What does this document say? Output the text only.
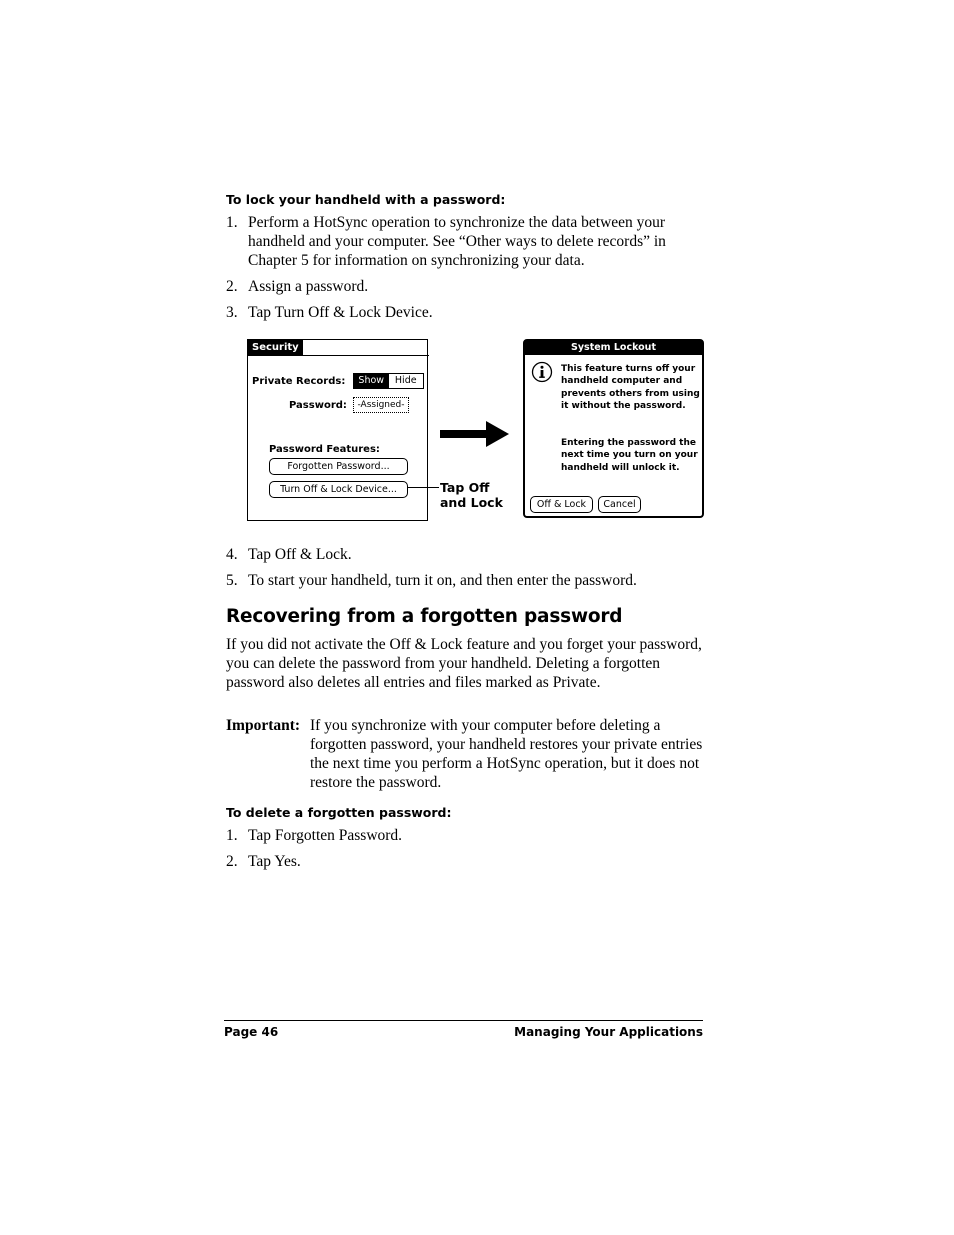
To lock your handheld with a password:
1. Perform a HotSync operation to synchronize the data between your handheld and your computer. See “Other ways to delete records” in Chapter 5 for information on synchronizing your data.
2. Assign a password.
3. Tap Turn Off & Lock Device.
Security
Private Records:	Show	Hide
Password:	-Assigned-
Password Features:
Forgotten Password...
Turn Off & Lock Device...	Tap Off and Lock
System Lockout
This feature turns off your handheld computer and prevents others from using it without the password.
Entering the password the next time you turn on your handheld will unlock it.
Off & Lock	Cancel
4. Tap Off & Lock.
5. To start your handheld, turn it on, and then enter the password.
Recovering from a forgotten password
If you did not activate the Off & Lock feature and you forget your password, you can delete the password from your handheld. Deleting a forgotten password also deletes all entries and files marked as Private.
Important: If you synchronize with your computer before deleting a forgotten password, your handheld restores your private entries the next time you perform a HotSync operation, but it does not restore the password.
To delete a forgotten password:
1. Tap Forgotten Password.
2. Tap Yes.
Page 46	Managing Your Applications
